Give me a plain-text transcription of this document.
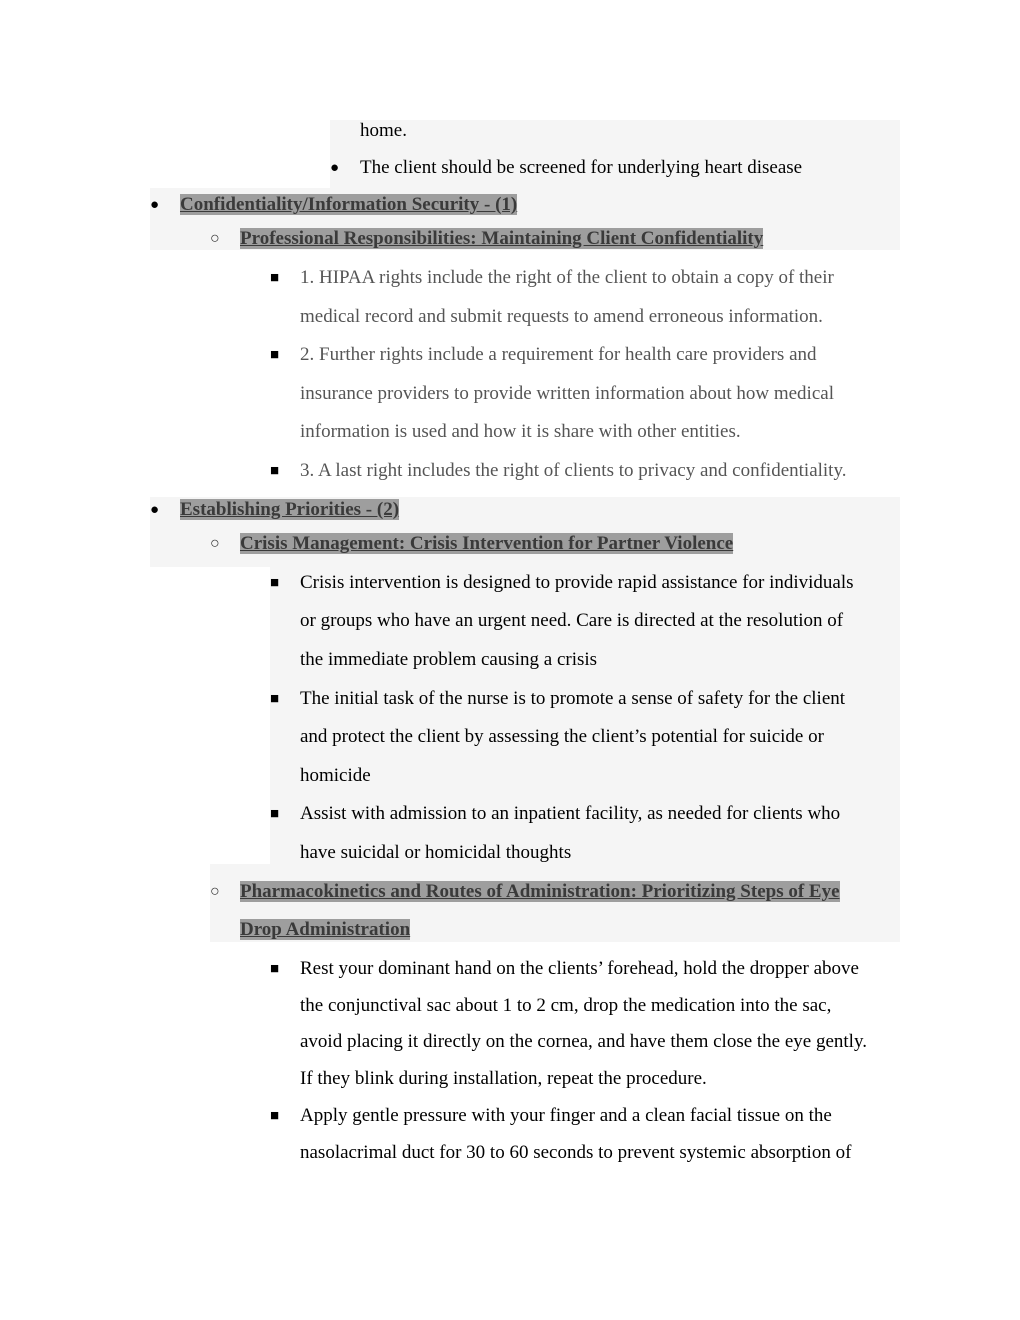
home.
● The client should be screened for underlying heart disease
● Confidentiality/Information Security - (1)
○ Professional Responsibilities: Maintaining Client Confidentiality
■ 1. HIPAA rights include the right of the client to obtain a copy of their
medical record and submit requests to amend erroneous information.
■ 2. Further rights include a requirement for health care providers and
insurance providers to provide written information about how medical
information is used and how it is share with other entities.
■ 3. A last right includes the right of clients to privacy and confidentiality.
● Establishing Priorities - (2)
○ Crisis Management: Crisis Intervention for Partner Violence
■ Crisis intervention is designed to provide rapid assistance for individuals
or groups who have an urgent need. Care is directed at the resolution of
the immediate problem causing a crisis
■ The initial task of the nurse is to promote a sense of safety for the client
and protect the client by assessing the client’s potential for suicide or
homicide
■ Assist with admission to an inpatient facility, as needed for clients who
have suicidal or homicidal thoughts
○ Pharmacokinetics and Routes of Administration: Prioritizing Steps of Eye
Drop Administration
■ Rest your dominant hand on the clients’ forehead, hold the dropper above
the conjunctival sac about 1 to 2 cm, drop the medication into the sac,
avoid placing it directly on the cornea, and have them close the eye gently.
If they blink during installation, repeat the procedure.
■ Apply gentle pressure with your finger and a clean facial tissue on the
nasolacrimal duct for 30 to 60 seconds to prevent systemic absorption of
